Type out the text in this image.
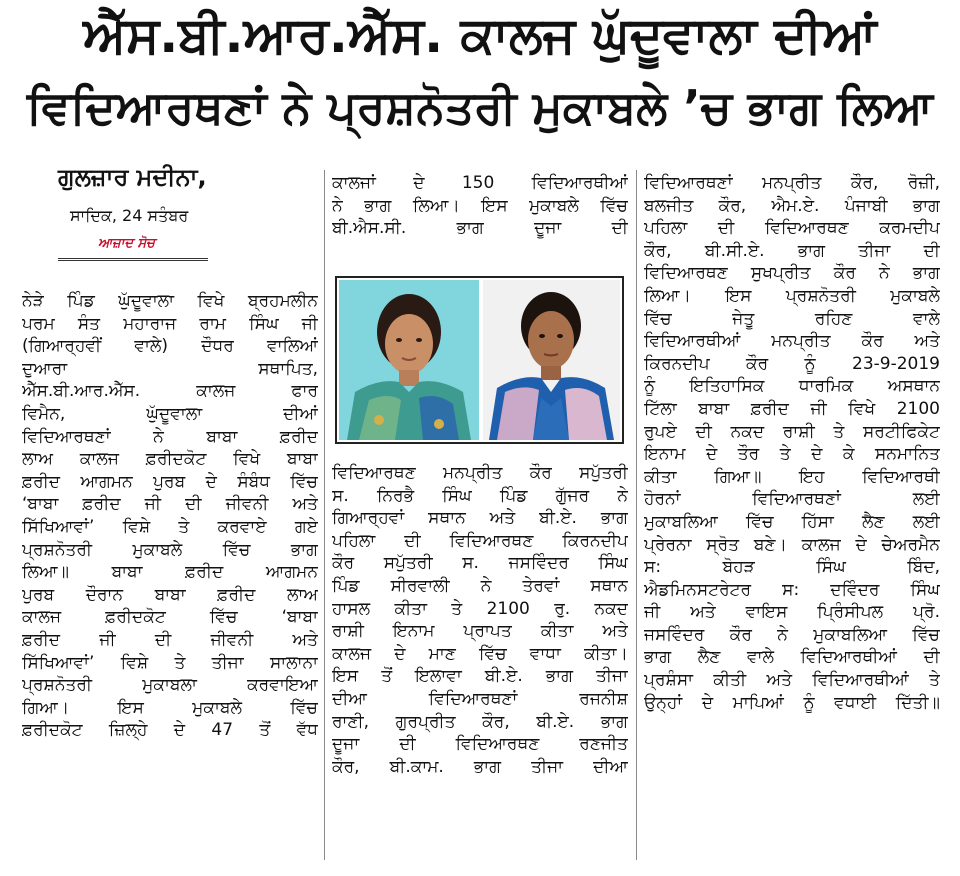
ਐੱਸ.ਬੀ.ਆਰ.ਐੱਸ. ਕਾਲਜ ਘੁੱਦੂਵਾਲਾ ਦੀਆਂ
ਵਿਦਿਆਰਥਣਾਂ ਨੇ ਪ੍ਰਸ਼ਨੋਤਰੀ ਮੁਕਾਬਲੇ ’ਚ ਭਾਗ ਲਿਆ
ਗੁਲਜ਼ਾਰ ਮਦੀਨਾ,
ਸਾਦਿਕ, 24 ਸਤੰਬਰ
ਆਜ਼ਾਦ ਸੋਚ
ਨੇੜੇ ਪਿੰਡ ਘੁੱਦੂਵਾਲਾ ਵਿਖੇ ਬ੍ਰਹਮਲੀਨ
ਪਰਮ ਸੰਤ ਮਹਾਰਾਜ ਰਾਮ ਸਿੰਘ ਜੀ
(ਗਿਆਰ੍ਹਵੀਂ ਵਾਲੇ) ਦੌਧਰ ਵਾਲਿਆਂ
ਦੁਆਰਾ ਸਥਾਪਿਤ,
ਐੱਸ.ਬੀ.ਆਰ.ਐੱਸ. ਕਾਲਜ ਫਾਰ
ਵਿਮੈਨ, ਘੁੱਦੂਵਾਲਾ ਦੀਆਂ
ਵਿਦਿਆਰਥਣਾਂ ਨੇ ਬਾਬਾ ਫ਼ਰੀਦ
ਲਾਅ ਕਾਲਜ ਫ਼ਰੀਦਕੋਟ ਵਿਖੇ ਬਾਬਾ
ਫ਼ਰੀਦ ਆਗਮਨ ਪੁਰਬ ਦੇ ਸੰਬੰਧ ਵਿੱਚ
‘ਬਾਬਾ ਫ਼ਰੀਦ ਜੀ ਦੀ ਜੀਵਨੀ ਅਤੇ
ਸਿੱਖਿਆਵਾਂ’ ਵਿਸ਼ੇ ਤੇ ਕਰਵਾਏ ਗਏ
ਪ੍ਰਸ਼ਨੋਤਰੀ ਮੁਕਾਬਲੇ ਵਿੱਚ ਭਾਗ
ਲਿਆ॥ ਬਾਬਾ ਫ਼ਰੀਦ ਆਗਮਨ
ਪੁਰਬ ਦੌਰਾਨ ਬਾਬਾ ਫ਼ਰੀਦ ਲਾਅ
ਕਾਲਜ ਫ਼ਰੀਦਕੋਟ ਵਿੱਚ ‘ਬਾਬਾ
ਫ਼ਰੀਦ ਜੀ ਦੀ ਜੀਵਨੀ ਅਤੇ
ਸਿੱਖਿਆਵਾਂ’ ਵਿਸ਼ੇ ਤੇ ਤੀਜਾ ਸਾਲਾਨਾ
ਪ੍ਰਸ਼ਨੋਤਰੀ ਮੁਕਾਬਲਾ ਕਰਵਾਇਆ
ਗਿਆ। ਇਸ ਮੁਕਾਬਲੇ ਵਿੱਚ
ਫ਼ਰੀਦਕੋਟ ਜ਼ਿਲ੍ਹੇ ਦੇ 47 ਤੋਂ ਵੱਧ
ਕਾਲਜਾਂ ਦੇ 150 ਵਿਦਿਆਰਥੀਆਂ
ਨੇ ਭਾਗ ਲਿਆ। ਇਸ ਮੁਕਾਬਲੇ ਵਿੱਚ
ਬੀ.ਐਸ.ਸੀ. ਭਾਗ ਦੂਜਾ ਦੀ
ਵਿਦਿਆਰਥਣ ਮਨਪ੍ਰੀਤ ਕੌਰ ਸਪੁੱਤਰੀ
ਸ. ਨਿਰਭੈ ਸਿੰਘ ਪਿੰਡ ਗੁੱਜਰ ਨੇ
ਗਿਆਰ੍ਹਵਾਂ ਸਥਾਨ ਅਤੇ ਬੀ.ਏ. ਭਾਗ
ਪਹਿਲਾ ਦੀ ਵਿਦਿਆਰਥਣ ਕਿਰਨਦੀਪ
ਕੌਰ ਸਪੁੱਤਰੀ ਸ. ਜਸਵਿੰਦਰ ਸਿੰਘ
ਪਿੰਡ ਸੀਰਵਾਲੀ ਨੇ ਤੇਰਵਾਂ ਸਥਾਨ
ਹਾਸਲ ਕੀਤਾ ਤੇ 2100 ਰੁ. ਨਕਦ
ਰਾਸ਼ੀ ਇਨਾਮ ਪ੍ਰਾਪਤ ਕੀਤਾ ਅਤੇ
ਕਾਲਜ ਦੇ ਮਾਣ ਵਿੱਚ ਵਾਧਾ ਕੀਤਾ।
ਇਸ ਤੋਂ ਇਲਾਵਾ ਬੀ.ਏ. ਭਾਗ ਤੀਜਾ
ਦੀਆ ਵਿਦਿਆਰਥਣਾਂ ਰਜਨੀਸ਼
ਰਾਣੀ, ਗੁਰਪ੍ਰੀਤ ਕੌਰ, ਬੀ.ਏ. ਭਾਗ
ਦੂਜਾ ਦੀ ਵਿਦਿਆਰਥਣ ਰਣਜੀਤ
ਕੌਰ, ਬੀ.ਕਾਮ. ਭਾਗ ਤੀਜਾ ਦੀਆ
ਵਿਦਿਆਰਥਣਾਂ ਮਨਪ੍ਰੀਤ ਕੌਰ, ਰੋਜ਼ੀ,
ਬਲਜੀਤ ਕੌਰ, ਐਮ.ਏ. ਪੰਜਾਬੀ ਭਾਗ
ਪਹਿਲਾ ਦੀ ਵਿਦਿਆਰਥਣ ਕਰਮਦੀਪ
ਕੌਰ, ਬੀ.ਸੀ.ਏ. ਭਾਗ ਤੀਜਾ ਦੀ
ਵਿਦਿਆਰਥਣ ਸੁਖਪ੍ਰੀਤ ਕੌਰ ਨੇ ਭਾਗ
ਲਿਆ। ਇਸ ਪ੍ਰਸ਼ਨੋਤਰੀ ਮੁਕਾਬਲੇ
ਵਿੱਚ ਜੇਤੂ ਰਹਿਣ ਵਾਲੇ
ਵਿਦਿਆਰਥੀਆਂ ਮਨਪ੍ਰੀਤ ਕੌਰ ਅਤੇ
ਕਿਰਨਦੀਪ ਕੌਰ ਨੂੰ 23-9-2019
ਨੂੰ ਇਤਿਹਾਸਿਕ ਧਾਰਮਿਕ ਅਸਥਾਨ
ਟਿੱਲਾ ਬਾਬਾ ਫ਼ਰੀਦ ਜੀ ਵਿਖੇ 2100
ਰੁਪਏ ਦੀ ਨਕਦ ਰਾਸ਼ੀ ਤੇ ਸਰਟੀਫਿਕੇਟ
ਇਨਾਮ ਦੇ ਤੌਰ ਤੇ ਦੇ ਕੇ ਸਨਮਾਨਿਤ
ਕੀਤਾ ਗਿਆ॥ ਇਹ ਵਿਦਿਆਰਥੀ
ਹੋਰਨਾਂ ਵਿਦਿਆਰਥਣਾਂ ਲਈ
ਮੁਕਾਬਲਿਆ ਵਿੱਚ ਹਿੱਸਾ ਲੈਣ ਲਈ
ਪ੍ਰੇਰਨਾ ਸ੍ਰੋਤ ਬਣੇ। ਕਾਲਜ ਦੇ ਚੇਅਰਮੈਨ
ਸ: ਬੋਹੜ ਸਿੰਘ ਬਿੰਦ,
ਐਡਮਿਨਸਟਰੇਟਰ ਸ: ਦਵਿੰਦਰ ਸਿੰਘ
ਜੀ ਅਤੇ ਵਾਇਸ ਪ੍ਰਿੰਸੀਪਲ ਪ੍ਰੋ.
ਜਸਵਿੰਦਰ ਕੌਰ ਨੇ ਮੁਕਾਬਲਿਆ ਵਿੱਚ
ਭਾਗ ਲੈਣ ਵਾਲੇ ਵਿਦਿਆਰਥੀਆਂ ਦੀ
ਪ੍ਰਸ਼ੰਸਾ ਕੀਤੀ ਅਤੇ ਵਿਦਿਆਰਥੀਆਂ ਤੇ
ਉਨ੍ਹਾਂ ਦੇ ਮਾਪਿਆਂ ਨੂੰ ਵਧਾਈ ਦਿੱਤੀ॥
